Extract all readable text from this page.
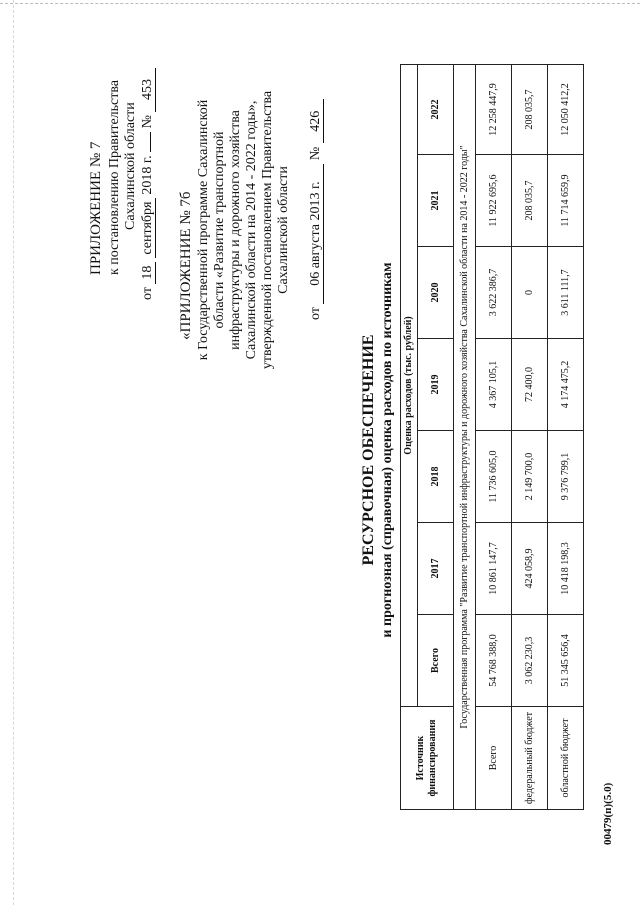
ПРИЛОЖЕНИЕ № 7 к постановлению Правительства Сахалинской области
от 18 сентября 2018 г.  № 453
«ПРИЛОЖЕНИЕ № 7б к Государственной программе Сахалинской области «Развитие транспортной инфраструктуры и дорожного хозяйства Сахалинской области на 2014 - 2022 годы», утвержденной постановлением Правительства Сахалинской области
от 06 августа 2013 г. № 426
РЕСУРСНОЕ ОБЕСПЕЧЕНИЕ и прогнозная (справочная) оценка расходов по источникам
Источник финансирования	Оценка расходов (тыс. рублей)						
	Всего	2017	2018	2019	2020	2021	2022
Государственная программа "Развитие транспортной инфраструктуры и дорожного хозяйства Сахалинской области на 2014 - 2022 годы"							
Всего	54 768 388,0	10 861 147,7	11 736 605,0	4 367 105,1	3 622 386,7	11 922 695,6	12 258 447,9
федеральный бюджет	3 062 230,3	424 058,9	2 149 700,0	72 400,0	0	208 035,7	208 035,7
областной бюджет	51 345 656,4	10 418 198,3	9 376 799,1	4 174 475,2	3 611 111,7	11 714 659,9	12 050 412,2
00479(п)(5.0)
